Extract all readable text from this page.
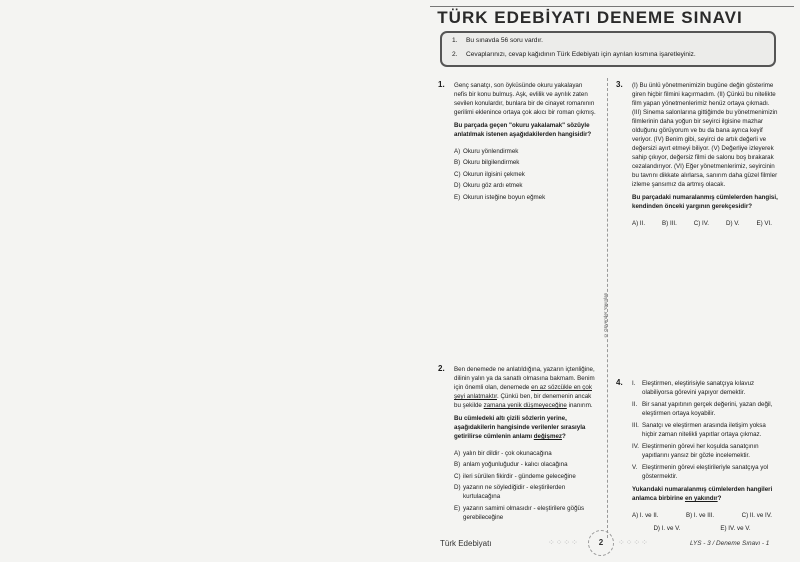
TÜRK EDEBİYATI DENEME SINAVI
1.	Bu sınavda 56 soru vardır.
2.	Cevaplarınızı, cevap kağıdının Türk Edebiyatı için ayrılan kısmına işaretleyiniz.
1. Genç sanatçı, son öyküsünde okuru yakalayan nefis bir konu bulmuş. Aşk, evlilik ve ayrılık zaten sevilen konulardır, bunlara bir de cinayet romanının gerilimi eklenince ortaya çok akıcı bir roman çıkmış.

Bu parçada geçen "okuru yakalamak" sözüyle anlatılmak istenen aşağıdakilerden hangisidir?

A) Okuru yönlendirmek
B) Okuru bilgilendirmek
C) Okurun ilgisini çekmek
D) Okuru göz ardı etmek
E) Okurun isteğine boyun eğmek
2. Ben denemede ne anlatıldığına, yazarın içtenliğine, dilinin yalın ya da sanatlı olmasına bakmam. Benim için önemli olan, denemede en az sözcükle en çok şeyi anlatmaktır. Çünkü ben, bir denemenin ancak bu şekilde zamana yenik düşmeyeceğine inanırım.

Bu cümledeki altı çizili sözlerin yerine, aşağıdakilerin hangisinde verilenler sırasıyla getirilirse cümlenin anlamı değişmez?

A) yalın bir dildir - çok okunacağına
B) anlam yoğunluğudur - kalıcı olacağına
C) ileri sürülen fikirdir - gündeme geleceğine
D) yazarın ne söylediğidir - eleştirilerden kurtulacağına
E) yazarın samimi olmasıdır - eleştirilere göğüs gerebileceğine
© Güvender Yayınları
3. (I) Bu ünlü yönetmenimizin bugüne değin gösterime giren hiçbir filmini kaçırmadım. (II) Çünkü bu nitelikte film yapan yönetmenlerimiz henüz ortaya çıkmadı. (III) Sinema salonlarına gittiğimde bu yönetmenimizin filmlerinin daha yoğun bir seyirci ilgisine mazhar olduğunu görüyorum ve bu da bana ayrıca keyif veriyor. (IV) Benim gibi, seyirci de artık değerli ve değersizi ayırt etmeyi biliyor. (V) Değerliye izleyerek sahip çıkıyor, değersiz filmi de salonu boş bırakarak cezalandırıyor. (VI) Eğer yönetmenlerimiz, seyircinin bu tavrını dikkate alırlarsa, sanırım daha güzel filmler izleme şansımız da artmış olacak.

Bu parçadaki numaralanmış cümlelerden hangisi, kendinden önceki yargının gerekçesidir?

A) II.	B) III.	C) IV.	D) V.	E) VI.
4. I.	Eleştirmen, eleştirisiyle sanatçıya kılavuz olabiliyorsa görevini yapıyor demektir.
II. Bir sanat yapıtının gerçek değerini, yazan değil, eleştirmen ortaya koyabilir.
III. Sanatçı ve eleştirmen arasında iletişim yoksa hiçbir zaman nitelikli yapıtlar ortaya çıkmaz.
IV. Eleştirmenin görevi her koşulda sanatçının yapıtlarını yansız bir gözle incelemektir.
V. Eleştirmenin görevi eleştirileriyle sanatçıya yol göstermektir.

Yukarıdaki numaralanmış cümlelerden hangileri anlamca birbirine en yakındır?

A) I. ve II.	B) I. ve III.	C) II. ve IV.
D) I. ve V.	E) IV. ve V.
Türk Edebiyatı	⁘⁘⁘⁘	2	⁘⁘⁘⁘	LYS - 3 / Deneme Sınavı - 1
